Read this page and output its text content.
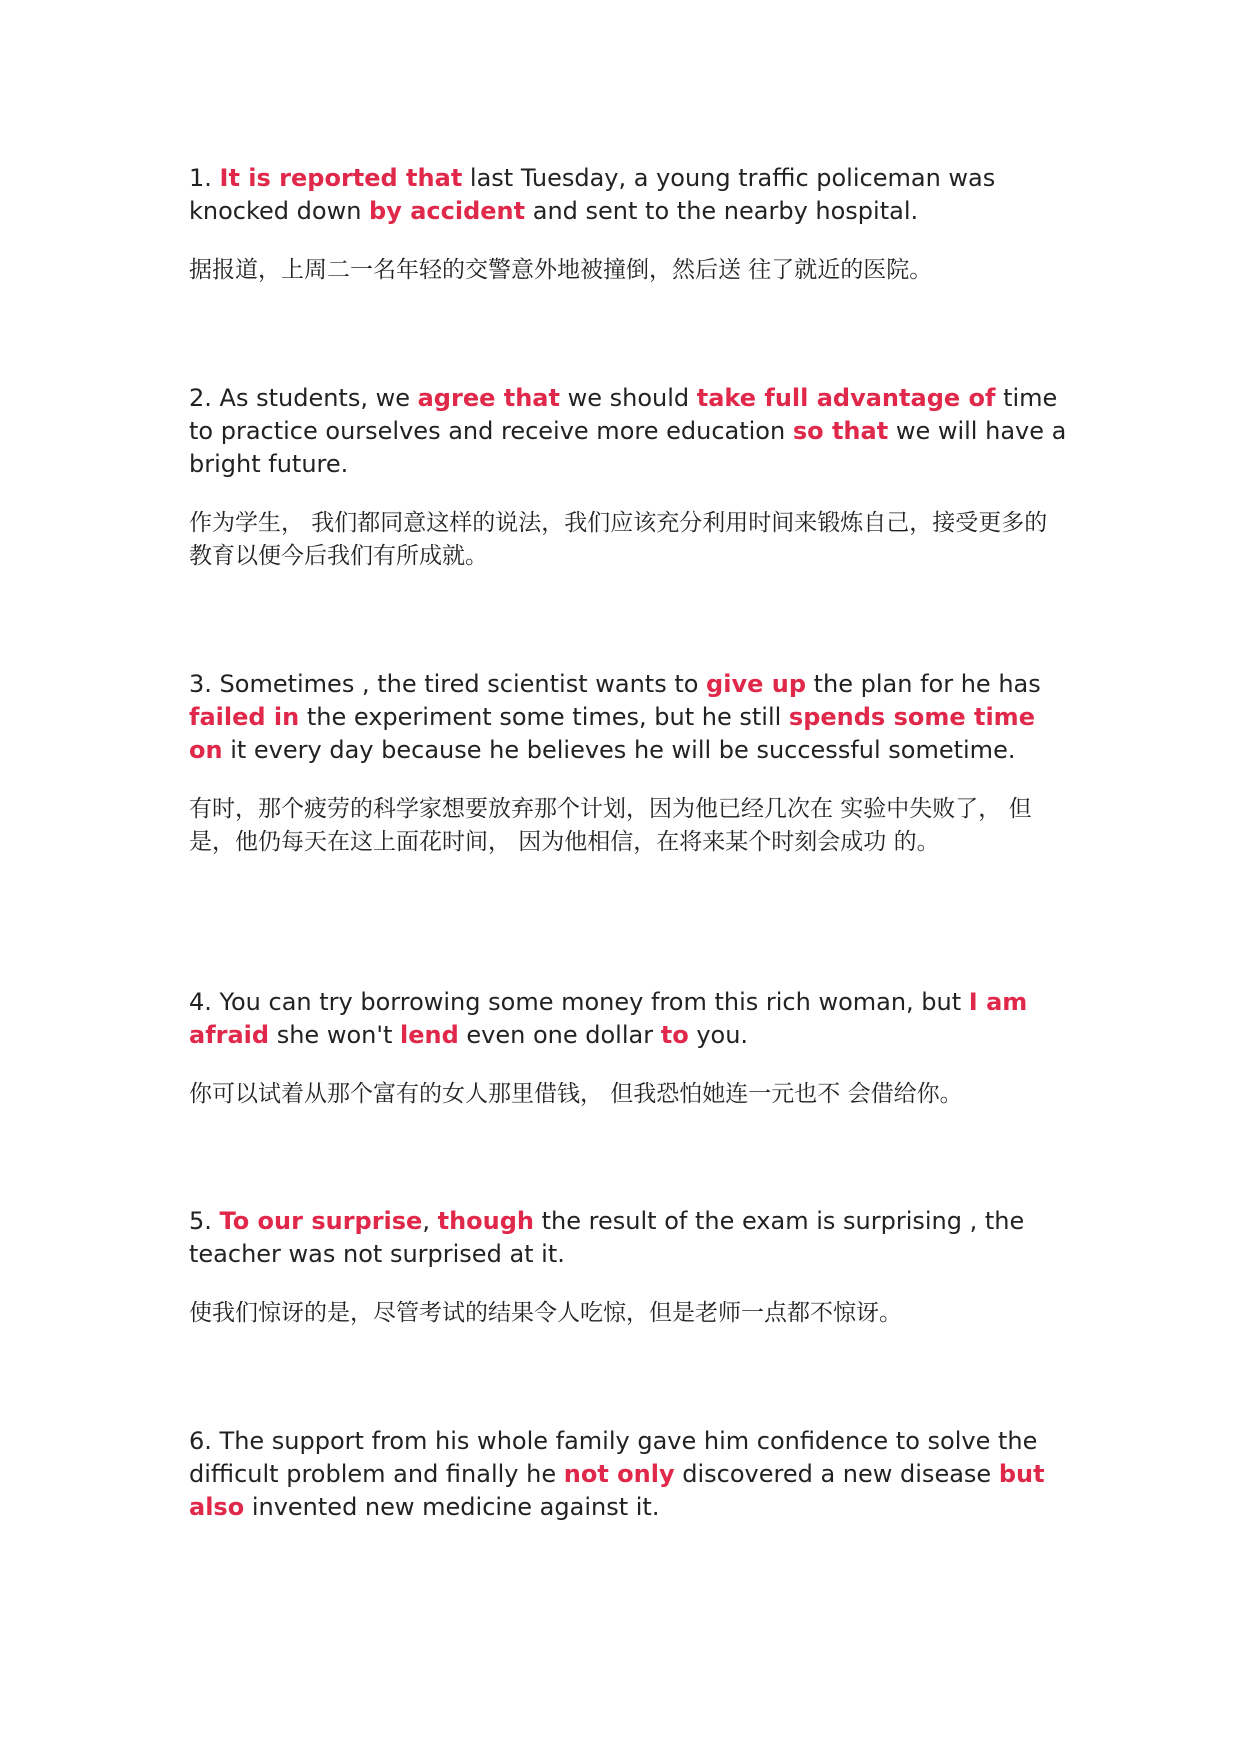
1. It is reported that last Tuesday, a young traffic policeman was knocked down by accident and sent to the nearby hospital.

据报道，上周二一名年轻的交警意外地被撞倒，然后送 往了就近的医院。

2. As students, we agree that we should take full advantage of time to practice ourselves and receive more education so that we will have a bright future.

作为学生， 我们都同意这样的说法，我们应该充分利用时间来锻炼自己，接受更多的教育以便今后我们有所成就。

3. Sometimes , the tired scientist wants to give up the plan for he has failed in the experiment some times, but he still spends some time on it every day because he believes he will be successful sometime.

有时，那个疲劳的科学家想要放弃那个计划，因为他已经几次在 实验中失败了， 但是，他仍每天在这上面花时间， 因为他相信，在将来某个时刻会成功 的。

4. You can try borrowing some money from this rich woman, but I am afraid she won't lend even one dollar to you.

你可以试着从那个富有的女人那里借钱， 但我恐怕她连一元也不 会借给你。

5. To our surprise, though the result of the exam is surprising , the teacher was not surprised at it.

使我们惊讶的是，尽管考试的结果令人吃惊，但是老师一点都不惊讶。

6. The support from his whole family gave him confidence to solve the difficult problem and finally he not only discovered a new disease but also invented new medicine against it.
